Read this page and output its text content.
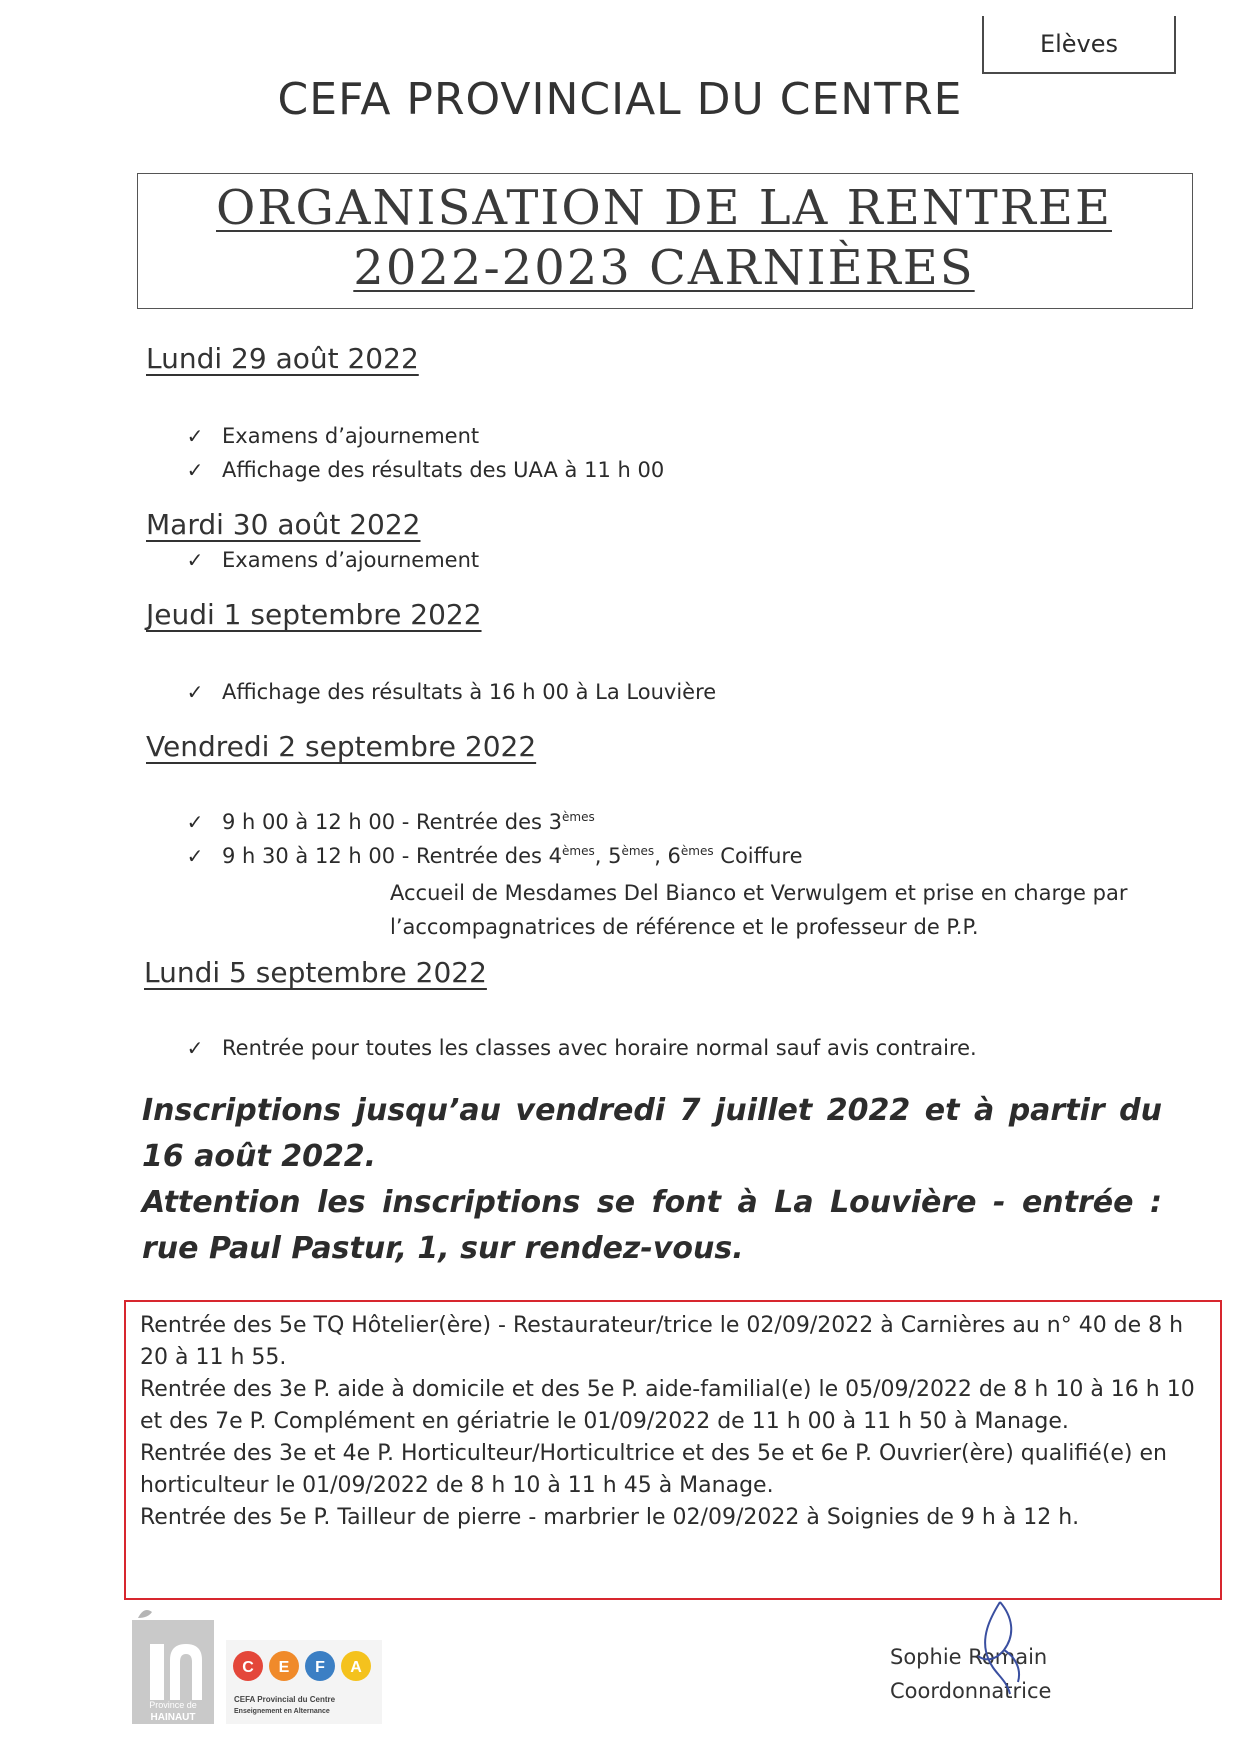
Elèves
CEFA PROVINCIAL DU CENTRE
ORGANISATION DE LA RENTREE
2022-2023 CARNIÈRES
Lundi 29 août 2022
✓ Examens d’ajournement
✓ Affichage des résultats des UAA à 11 h 00
Mardi 30 août 2022
✓ Examens d’ajournement
Jeudi 1 septembre 2022
✓ Affichage des résultats à 16 h 00 à La Louvière
Vendredi 2 septembre 2022
✓ 9 h 00 à 12 h 00 - Rentrée des 3èmes
✓ 9 h 30 à 12 h 00 - Rentrée des 4èmes, 5èmes, 6èmes Coiffure
Accueil de Mesdames Del Bianco et Verwulgem et prise en charge par
l’accompagnatrices de référence et le professeur de P.P.
Lundi 5 septembre 2022
✓ Rentrée pour toutes les classes avec horaire normal sauf avis contraire.

Inscriptions jusqu’au vendredi 7 juillet 2022 et à partir du 16 août 2022.

Attention les inscriptions se font à La Louvière - entrée : rue Paul Pastur, 1, sur rendez-vous.

Rentrée des 5e TQ Hôtelier(ère) - Restaurateur/trice le 02/09/2022 à Carnières au n° 40 de 8 h 20 à 11 h 55.

Rentrée des 3e P. aide à domicile et des 5e P. aide-familial(e) le 05/09/2022 de 8 h 10 à 16 h 10 et des 7e P. Complément en gériatrie le 01/09/2022 de 11 h 00 à 11 h 50 à Manage.

Rentrée des 3e et 4e P. Horticulteur/Horticultrice et des 5e et 6e P. Ouvrier(ère) qualifié(e) en horticulteur le 01/09/2022 de 8 h 10 à 11 h 45 à Manage.

Rentrée des 5e P. Tailleur de pierre - marbrier le 02/09/2022 à Soignies de 9 h à 12 h.

Province de
HAINAUT
C E F A
CEFA Provincial du Centre
Enseignement en Alternance
Sophie Romain
Coordonnatrice
